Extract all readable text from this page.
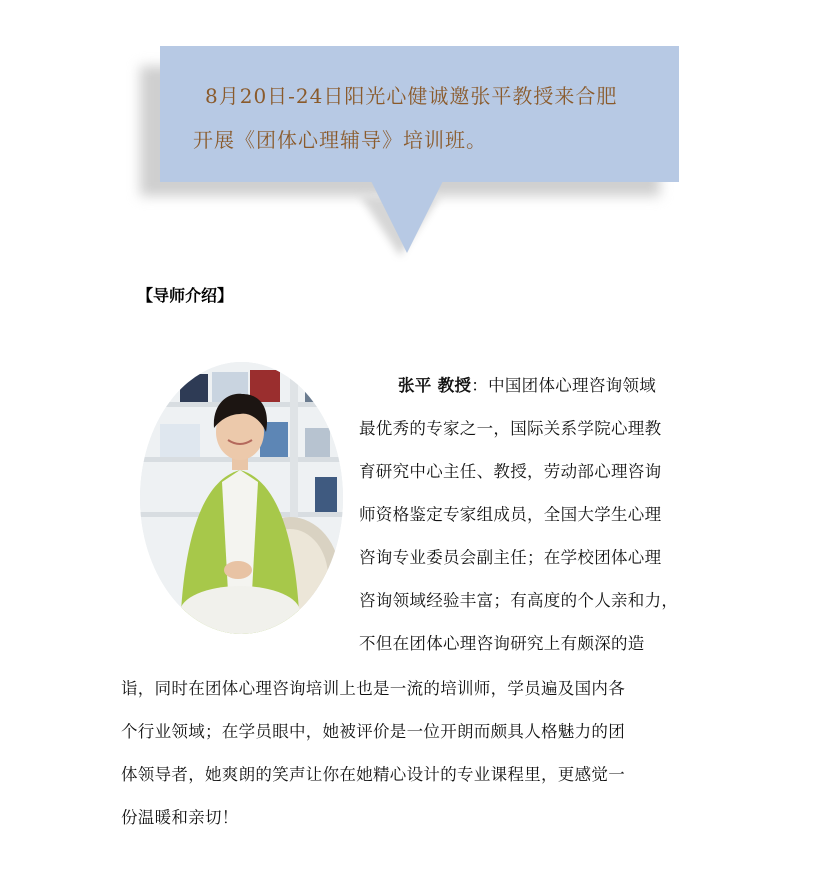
8月20日-24日阳光心健诚邀张平教授来合肥
开展《团体心理辅导》培训班。
【导师介绍】
张平 教授：中国团体心理咨询领域
最优秀的专家之一，国际关系学院心理教
育研究中心主任、教授，劳动部心理咨询
师资格鉴定专家组成员，全国大学生心理
咨询专业委员会副主任；在学校团体心理
咨询领域经验丰富；有高度的个人亲和力，
不但在团体心理咨询研究上有颇深的造
诣，同时在团体心理咨询培训上也是一流的培训师，学员遍及国内各
个行业领域；在学员眼中，她被评价是一位开朗而颇具人格魅力的团
体领导者，她爽朗的笑声让你在她精心设计的专业课程里，更感觉一
份温暖和亲切！
